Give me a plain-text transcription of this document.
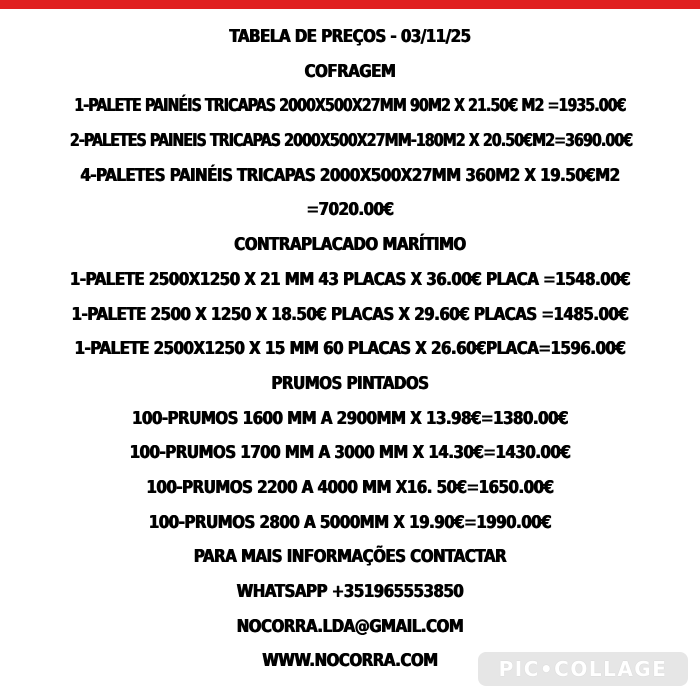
TABELA DE PREÇOS - 03/11/25
COFRAGEM
1-PALETE PAINÉIS TRICAPAS 2000X500X27MM 90M2 X 21.50€ M2 =1935.00€
2-PALETES PAINEIS TRICAPAS 2000X500X27MM-180M2 X 20.50€M2=3690.00€
4-PALETES PAINÉIS TRICAPAS 2000X500X27MM 360M2 X 19.50€M2
=7020.00€
CONTRAPLACADO MARÍTIMO
1-PALETE 2500X1250 X 21 MM 43 PLACAS X 36.00€ PLACA =1548.00€
1-PALETE 2500 X 1250 X 18.50€ PLACAS X 29.60€ PLACAS =1485.00€
1-PALETE 2500X1250 X 15 MM 60 PLACAS X 26.60€PLACA=1596.00€
PRUMOS PINTADOS
100-PRUMOS 1600 MM A 2900MM X 13.98€=1380.00€
100-PRUMOS 1700 MM A 3000 MM X 14.30€=1430.00€
100-PRUMOS 2200 A 4000 MM X16. 50€=1650.00€
100-PRUMOS 2800 A 5000MM X 19.90€=1990.00€
PARA MAIS INFORMAÇÕES CONTACTAR
WHATSAPP +351965553850
NOCORRA.LDA@GMAIL.COM
WWW.NOCORRA.COM	PIC•COLLAGE
